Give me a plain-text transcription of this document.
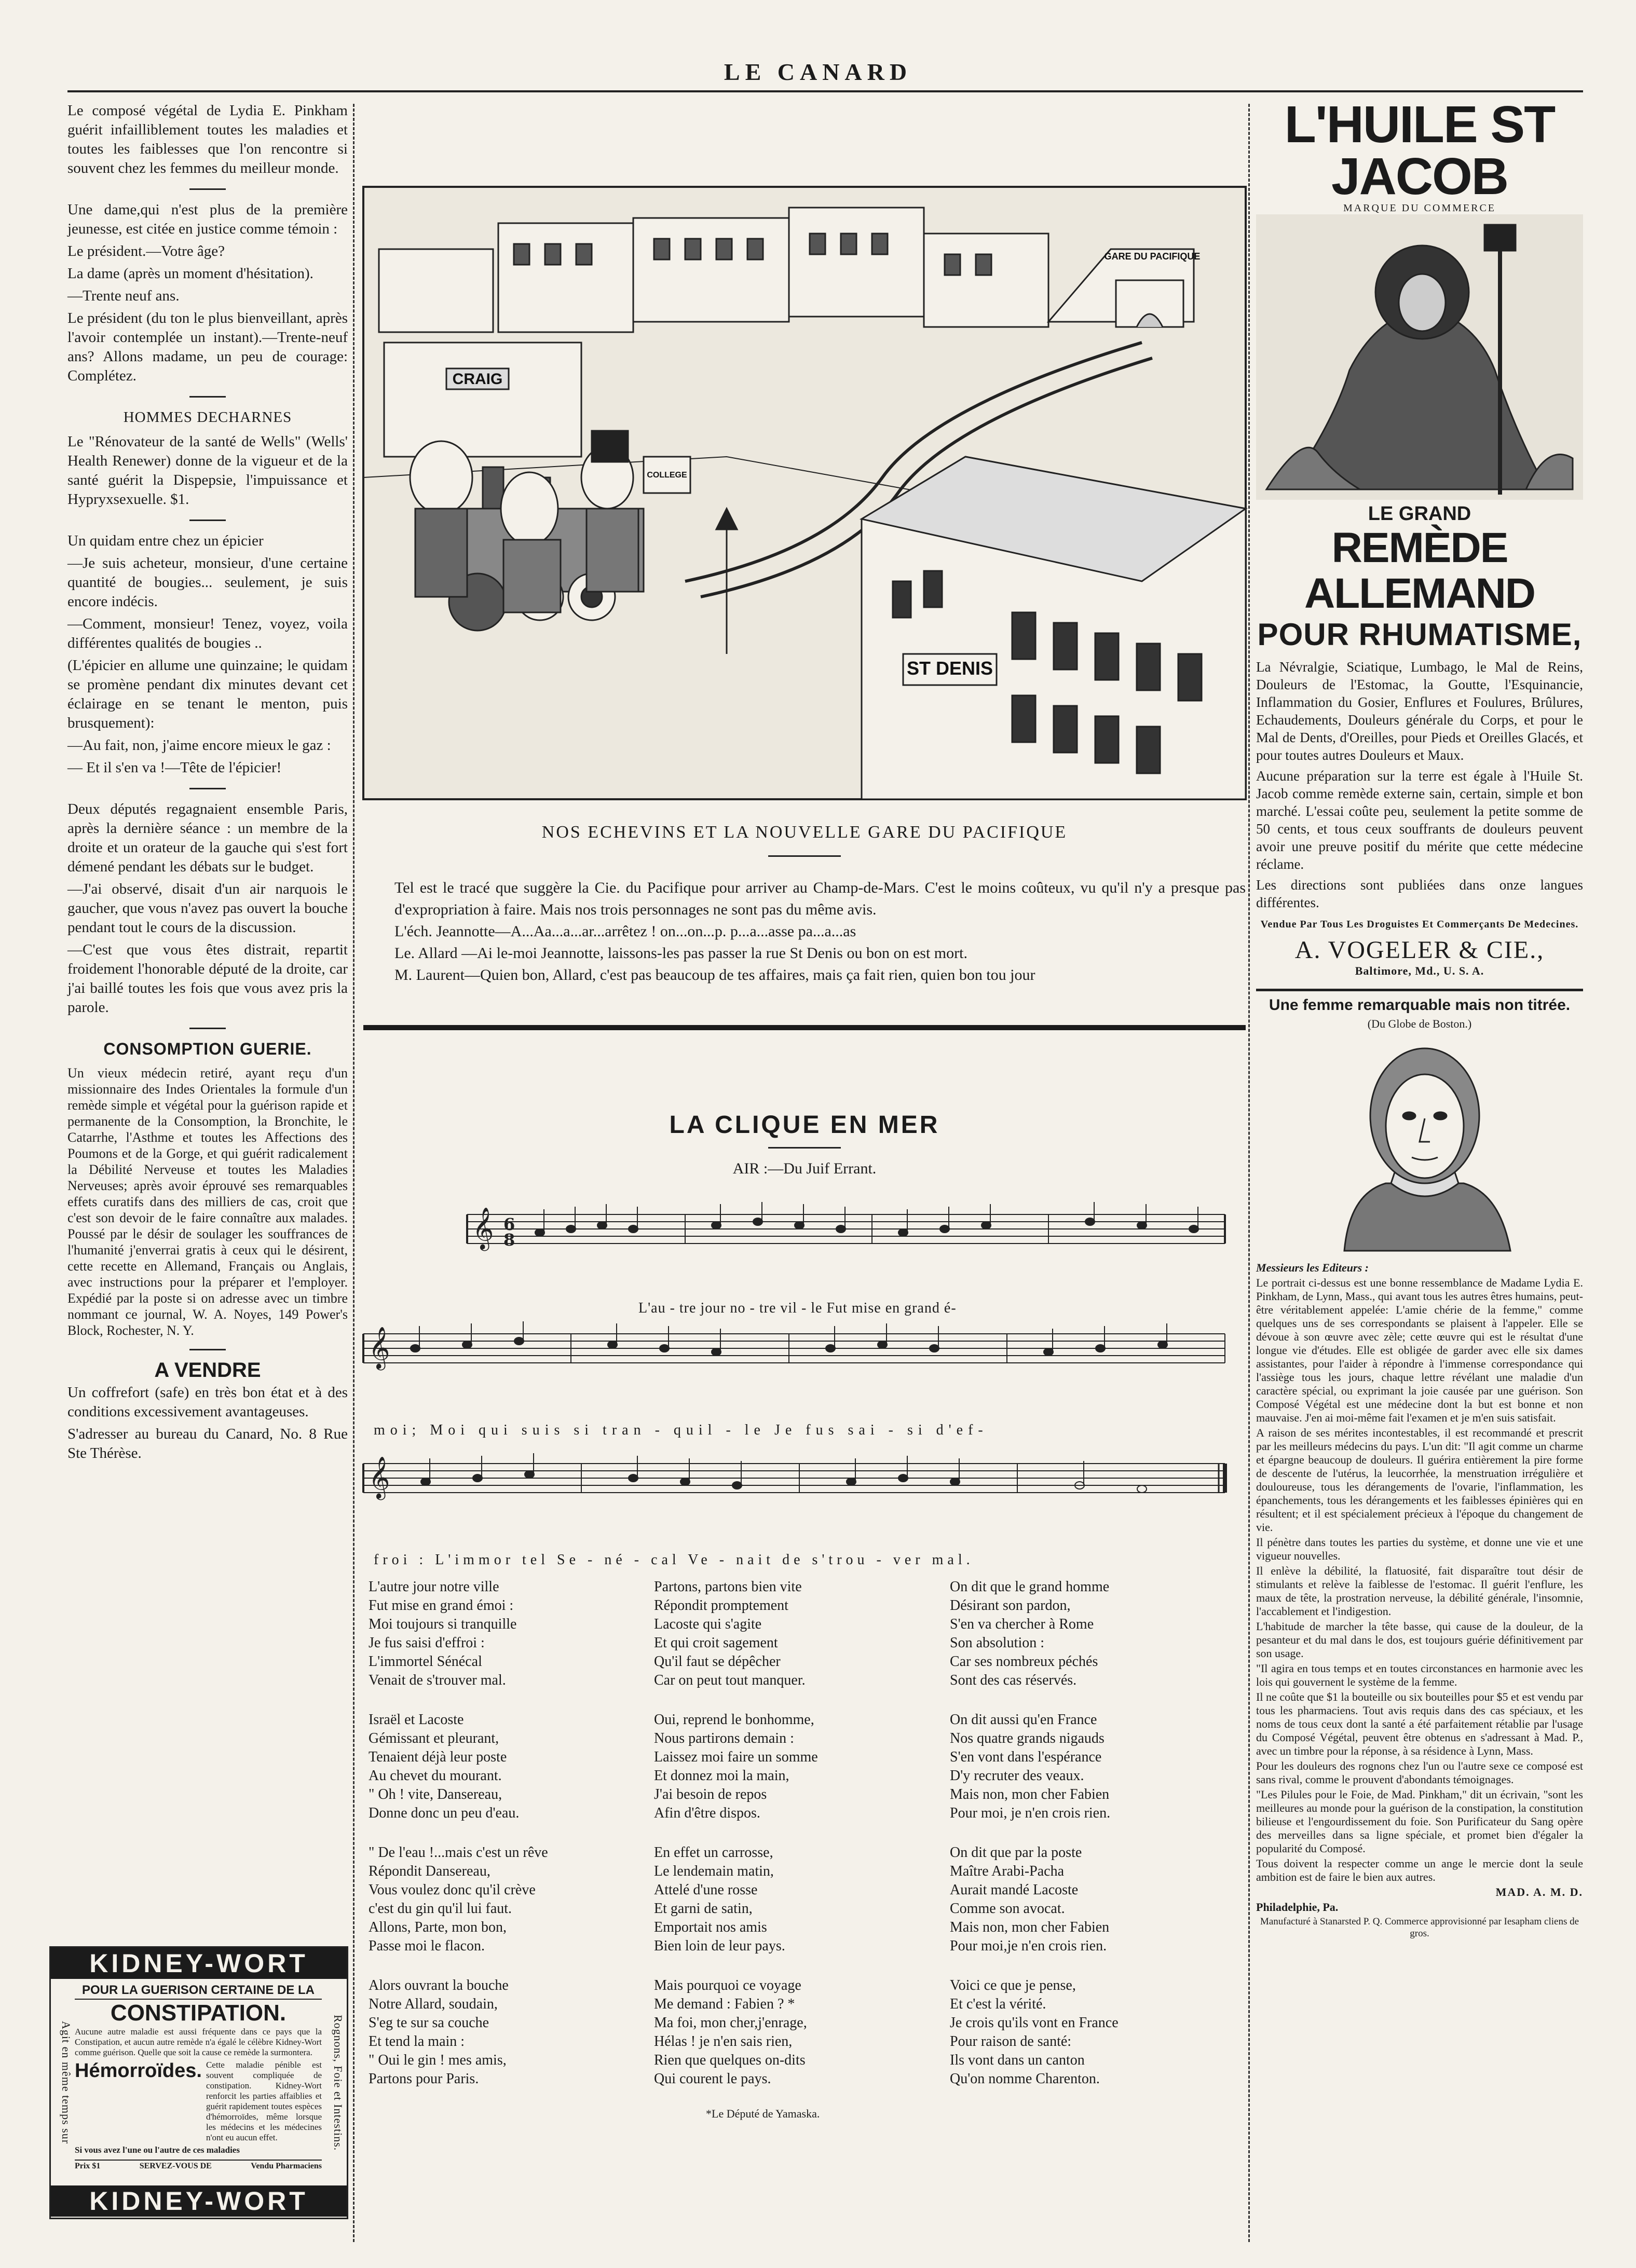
LE CANARD

Le composé végétal de Lydia E. Pinkham guérit infailliblement toutes les maladies et toutes les faiblesses que l'on rencontre si souvent chez les femmes du meilleur monde.

Une dame,qui n'est plus de la première jeunesse, est citée en justice comme témoin :

Le président.—Votre âge?

La dame (après un moment d'hésitation).

—Trente neuf ans.

Le président (du ton le plus bienveillant, après l'avoir contemplée un instant).—Trente-neuf ans? Allons madame, un peu de courage: Complétez.

HOMMES DECHARNES

Le "Rénovateur de la santé de Wells" (Wells' Health Renewer) donne de la vigueur et de la santé guérit la Dispepsie, l'impuissance et Hypryxsexuelle. $1.

Un quidam entre chez un épicier

—Je suis acheteur, monsieur, d'une certaine quantité de bougies... seulement, je suis encore indécis.

—Comment, monsieur! Tenez, voyez, voila différentes qualités de bougies ..

(L'épicier en allume une quinzaine; le quidam se promène pendant dix minutes devant cet éclairage en se tenant le menton, puis brusquement):

—Au fait, non, j'aime encore mieux le gaz :

— Et il s'en va !—Tête de l'épicier!

Deux députés regagnaient ensemble Paris, après la dernière séance : un membre de la droite et un orateur de la gauche qui s'est fort démené pendant les débats sur le budget.

—J'ai observé, disait d'un air narquois le gaucher, que vous n'avez pas ouvert la bouche pendant tout le cours de la discussion.

—C'est que vous êtes distrait, repartit froidement l'honorable député de la droite, car j'ai baillé toutes les fois que vous avez pris la parole.

CONSOMPTION GUERIE.

Un vieux médecin retiré, ayant reçu d'un missionnaire des Indes Orientales la formule d'un remède simple et végétal pour la guérison rapide et permanente de la Consomption, la Bronchite, le Catarrhe, l'Asthme et toutes les Affections des Poumons et de la Gorge, et qui guérit radicalement la Débilité Nerveuse et toutes les Maladies Nerveuses; après avoir éprouvé ses remarquables effets curatifs dans des milliers de cas, croit que c'est son devoir de le faire connaître aux malades. Poussé par le désir de soulager les souffrances de l'humanité j'enverrai gratis à ceux qui le désirent, cette recette en Allemand, Français ou Anglais, avec instructions pour la préparer et l'employer. Expédié par la poste si on adresse avec un timbre nommant ce journal, W. A. Noyes, 149 Power's Block, Rochester, N. Y.

A VENDRE

Un coffrefort (safe) en très bon état et à des conditions excessivement avantageuses.

S'adresser au bureau du Canard, No. 8 Rue Ste Thérèse.

KIDNEY-WORT
Agit en même temps sur	Rognons, Foie et Intestins.
POUR LA GUERISON CERTAINE DE LA
CONSTIPATION.
Aucune autre maladie est aussi fréquente dans ce pays que la Constipation, et aucun autre remède n'a égalé le célèbre Kidney-Wort comme guérison. Quelle que soit la cause ce remède la surmontera.
Hémorroïdes. Cette maladie pénible est souvent compliquée de constipation. Kidney-Wort renforcit les parties affaiblies et guérit rapidement toutes espèces d'hémorroïdes, même lorsque les médecins et les médecines n'ont eu aucun effet.
Si vous avez l'une ou l'autre de ces maladies
Prix $1	SERVEZ-VOUS DE	Vendu Pharmaciens
KIDNEY-WORT
CRAIG
GARE DU PACIFIQUE
ST DENIS
COLLEGE
NOS ECHEVINS ET LA NOUVELLE GARE DU PACIFIQUE

Tel est le tracé que suggère la Cie. du Pacifique pour arriver au Champ-de-Mars. C'est le moins coûteux, vu qu'il n'y a presque pas d'expropriation à faire. Mais nos trois personnages ne sont pas du même avis.

L'éch. Jeannotte—A...Aa...a...ar...arrêtez ! on...on...p. p...a...asse pa...a...as

Le. Allard —Ai le-moi Jeannotte, laissons-les pas passer la rue St Denis ou bon on est mort.

M. Laurent—Quien bon, Allard, c'est pas beaucoup de tes affaires, mais ça fait rien, quien bon tou jour

LA CLIQUE EN MER
AIR :—Du Juif Errant.
𝄞 6
8
𝄞
𝄞
L'au - tre jour no - tre vil - le Fut mise en grand é-
moi; Moi qui suis si tran - quil - le Je fus sai - si d'ef-
froi : L'immor tel Se - né - cal Ve - nait de s'trou - ver mal.
L'autre jour notre ville
Fut mise en grand émoi :
Moi toujours si tranquille
Je fus saisi d'effroi :
L'immortel Sénécal
Venait de s'trouver mal.
Israël et Lacoste
Gémissant et pleurant,
Tenaient déjà leur poste
Au chevet du mourant.
" Oh ! vite, Dansereau,
Donne donc un peu d'eau.
" De l'eau !...mais c'est un rêve
Répondit Dansereau,
Vous voulez donc qu'il crève
c'est du gin qu'il lui faut.
Allons, Parte, mon bon,
Passe moi le flacon.
Alors ouvrant la bouche
Notre Allard, soudain,
S'eg te sur sa couche
Et tend la main :
" Oui le gin ! mes amis,
Partons pour Paris.
Partons, partons bien vite
Répondit promptement
Lacoste qui s'agite
Et qui croit sagement
Qu'il faut se dépêcher
Car on peut tout manquer.
Oui, reprend le bonhomme,
Nous partirons demain :
Laissez moi faire un somme
Et donnez moi la main,
J'ai besoin de repos
Afin d'être dispos.
En effet un carrosse,
Le lendemain matin,
Attelé d'une rosse
Et garni de satin,
Emportait nos amis
Bien loin de leur pays.
Mais pourquoi ce voyage
Me demand : Fabien ? *
Ma foi, mon cher,j'enrage,
Hélas ! je n'en sais rien,
Rien que quelques on-dits
Qui courent le pays.
On dit que le grand homme
Désirant son pardon,
S'en va chercher à Rome
Son absolution :
Car ses nombreux péchés
Sont des cas réservés.
On dit aussi qu'en France
Nos quatre grands nigauds
S'en vont dans l'espérance
D'y recruter des veaux.
Mais non, mon cher Fabien
Pour moi, je n'en crois rien.
On dit que par la poste
Maître Arabi-Pacha
Aurait mandé Lacoste
Comme son avocat.
Mais non, mon cher Fabien
Pour moi,je n'en crois rien.
Voici ce que je pense,
Et c'est la vérité.
Je crois qu'ils vont en France
Pour raison de santé:
Ils vont dans un canton
Qu'on nomme Charenton.
*Le Député de Yamaska.
L'HUILE ST JACOB
MARQUE DU COMMERCE
LE GRAND
REMÈDE ALLEMAND
POUR RHUMATISME,

La Névralgie, Sciatique, Lumbago, le Mal de Reins, Douleurs de l'Estomac, la Goutte, l'Esquinancie, Inflammation du Gosier, Enflures et Foulures, Brûlures, Echaudements, Douleurs générale du Corps, et pour le Mal de Dents, d'Oreilles, pour Pieds et Oreilles Glacés, et pour toutes autres Douleurs et Maux.

Aucune préparation sur la terre est égale à l'Huile St. Jacob comme remède externe sain, certain, simple et bon marché. L'essai coûte peu, seulement la petite somme de 50 cents, et tous ceux souffrants de douleurs peuvent avoir une preuve positif du mérite que cette médecine réclame.

Les directions sont publiées dans onze langues différentes.

Vendue Par Tous Les Droguistes Et Commerçants De Medecines.
A. VOGELER & CIE.,
Baltimore, Md., U. S. A.
Une femme remarquable mais non titrée.
(Du Globe de Boston.)

Messieurs les Editeurs :

Le portrait ci-dessus est une bonne ressemblance de Madame Lydia E. Pinkham, de Lynn, Mass., qui avant tous les autres êtres humains, peut-être véritablement appelée: L'amie chérie de la femme," comme quelques uns de ses correspondants se plaisent à l'appeler. Elle se dévoue à son œuvre avec zèle; cette œuvre qui est le résultat d'une longue vie d'études. Elle est obligée de garder avec elle six dames assistantes, pour l'aider à répondre à l'immense correspondance qui l'assiège tous les jours, chaque lettre révélant une maladie d'un caractère spécial, ou exprimant la joie causée par une guérison. Son Composé Végétal est une médecine dont la but est bonne et non mauvaise. J'en ai moi-même fait l'examen et je m'en suis satisfait.

A raison de ses mérites incontestables, il est recommandé et prescrit par les meilleurs médecins du pays. L'un dit: "Il agit comme un charme et épargne beaucoup de douleurs. Il guérira entièrement la pire forme de descente de l'utérus, la leucorrhée, la menstruation irrégulière et douloureuse, tous les dérangements de l'ovarie, l'inflammation, les épanchements, tous les dérangements et les faiblesses épinières qui en résultent; et il est spécialement précieux à l'époque du changement de vie.

Il pénètre dans toutes les parties du système, et donne une vie et une vigueur nouvelles.

Il enlève la débilité, la flatuosité, fait disparaître tout désir de stimulants et relève la faiblesse de l'estomac. Il guérit l'enflure, les maux de tête, la prostration nerveuse, la débilité générale, l'insomnie, l'accablement et l'indigestion.

L'habitude de marcher la tête basse, qui cause de la douleur, de la pesanteur et du mal dans le dos, est toujours guérie définitivement par son usage.

"Il agira en tous temps et en toutes circonstances en harmonie avec les lois qui gouvernent le système de la femme.

Il ne coûte que $1 la bouteille ou six bouteilles pour $5 et est vendu par tous les pharmaciens. Tout avis requis dans des cas spéciaux, et les noms de tous ceux dont la santé a été parfaitement rétablie par l'usage du Composé Végétal, peuvent être obtenus en s'adressant à Mad. P., avec un timbre pour la réponse, à sa résidence à Lynn, Mass.

Pour les douleurs des rognons chez l'un ou l'autre sexe ce composé est sans rival, comme le prouvent d'abondants témoignages.

"Les Pilules pour le Foie, de Mad. Pinkham," dit un écrivain, "sont les meilleures au monde pour la guérison de la constipation, la constitution bilieuse et l'engourdissement du foie. Son Purificateur du Sang opère des merveilles dans sa ligne spéciale, et promet bien d'égaler la popularité du Composé.

Tous doivent la respecter comme un ange le mercie dont la seule ambition est de faire le bien aux autres.

MAD. A. M. D.

Philadelphie, Pa.

Manufacturé à Stanarsted P. Q. Commerce approvisionné par Iesapham cliens de gros.
